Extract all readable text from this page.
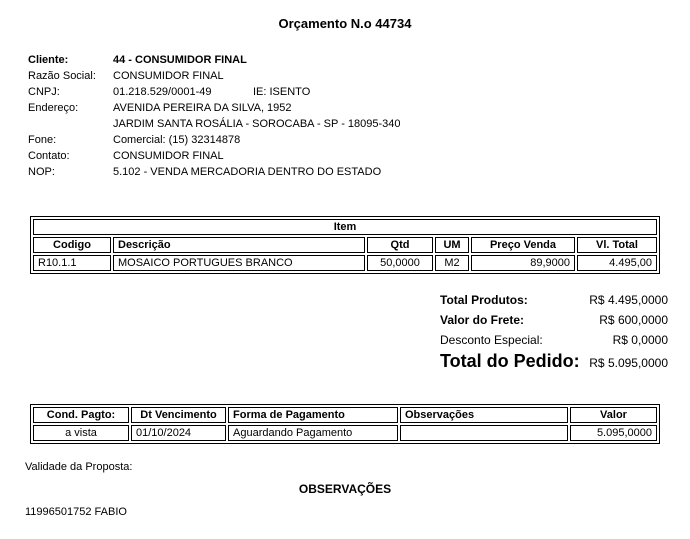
Orçamento N.o 44734
Cliente:	44 - CONSUMIDOR FINAL
Razão Social: CONSUMIDOR FINAL
CNPJ:	01.218.529/0001-49	IE: ISENTO
Endereço:	AVENIDA PEREIRA DA SILVA, 1952
JARDIM SANTA ROSÁLIA - SOROCABA - SP - 18095-340
Fone:	Comercial: (15) 32314878
Contato:	CONSUMIDOR FINAL
NOP:	5.102 - VENDA MERCADORIA DENTRO DO ESTADO
Item					
Codigo	Descrição	Qtd	UM	Preço Venda	Vl. Total
R10.1.1	MOSAICO PORTUGUES BRANCO	50,0000	M2	89,9000	4.495,00
Total Produtos:	R$ 4.495,0000
Valor do Frete:	R$ 600,0000
Desconto Especial:	R$ 0,0000
Total do Pedido: R$ 5.095,0000
Cond. Pagto:	Dt Vencimento	Forma de Pagamento	Observações	Valor
a vista	01/10/2024	Aguardando Pagamento		5.095,0000
Validade da Proposta:
OBSERVAÇÕES
11996501752 FABIO
